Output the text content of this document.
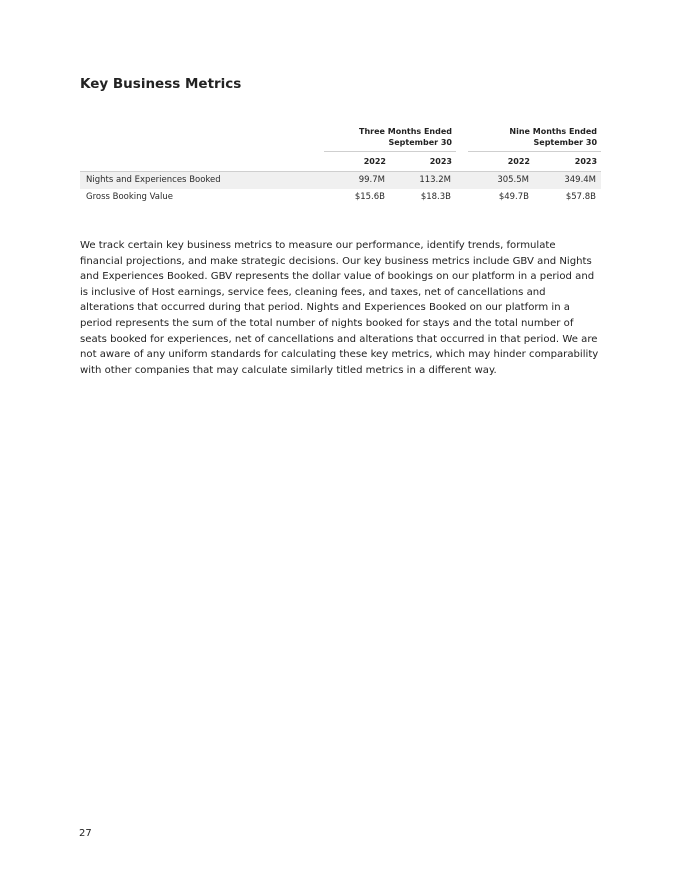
Key Business Metrics

	Three Months Ended
September 30			Nine Months Ended
September 30	

	2022	2023		2022	2023
Nights and Experiences Booked	99.7M	113.2M		305.5M	349.4M
Gross Booking Value	$15.6B	$18.3B		$49.7B	$57.8B

We track certain key business metrics to measure our performance, identify trends, formulate financial projections, and make strategic decisions. Our key business metrics include GBV and Nights and Experiences Booked. GBV represents the dollar value of bookings on our platform in a period and is inclusive of Host earnings, service fees, cleaning fees, and taxes, net of cancellations and alterations that occurred during that period. Nights and Experiences Booked on our platform in a period represents the sum of the total number of nights booked for stays and the total number of seats booked for experiences, net of cancellations and alterations that occurred in that period. We are not aware of any uniform standards for calculating these key metrics, which may hinder comparability with other companies that may calculate similarly titled metrics in a different way.

27
